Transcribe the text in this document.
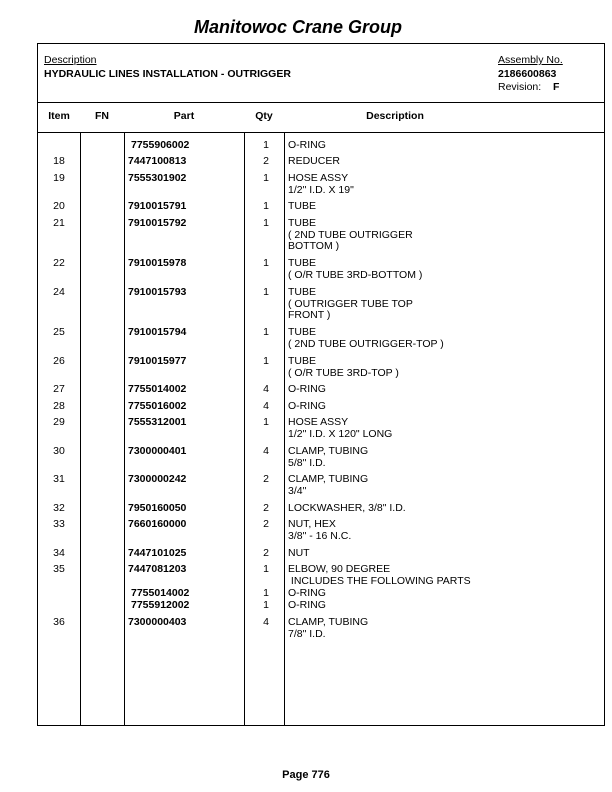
Manitowoc Crane Group
Description
HYDRAULIC LINES INSTALLATION - OUTRIGGER
Assembly No.
2186600863
Revision: F
Item	FN	Part	Qty	Description
7755906002	1	O-RING
18	7447100813	2	REDUCER
19	7555301902	1	HOSE ASSY
1/2" I.D. X 19"
20	7910015791	1	TUBE
21	7910015792	1	TUBE
( 2ND TUBE OUTRIGGER
BOTTOM )
22	7910015978	1	TUBE
( O/R TUBE 3RD-BOTTOM )
24	7910015793	1	TUBE
( OUTRIGGER TUBE TOP
FRONT )
25	7910015794	1	TUBE
( 2ND TUBE OUTRIGGER-TOP )
26	7910015977	1	TUBE
( O/R TUBE 3RD-TOP )
27	7755014002	4	O-RING
28	7755016002	4	O-RING
29	7555312001	1	HOSE ASSY
1/2" I.D. X 120" LONG
30	7300000401	4	CLAMP, TUBING
5/8" I.D.
31	7300000242	2	CLAMP, TUBING
3/4"
32	7950160050	2	LOCKWASHER, 3/8" I.D.
33	7660160000	2	NUT, HEX
3/8" - 16 N.C.
34	7447101025	2	NUT
35	7447081203	1	ELBOW, 90 DEGREE
INCLUDES THE FOLLOWING PARTS
7755014002	1	O-RING
7755912002	1	O-RING
36	7300000403	4	CLAMP, TUBING
7/8" I.D.
Page 776
